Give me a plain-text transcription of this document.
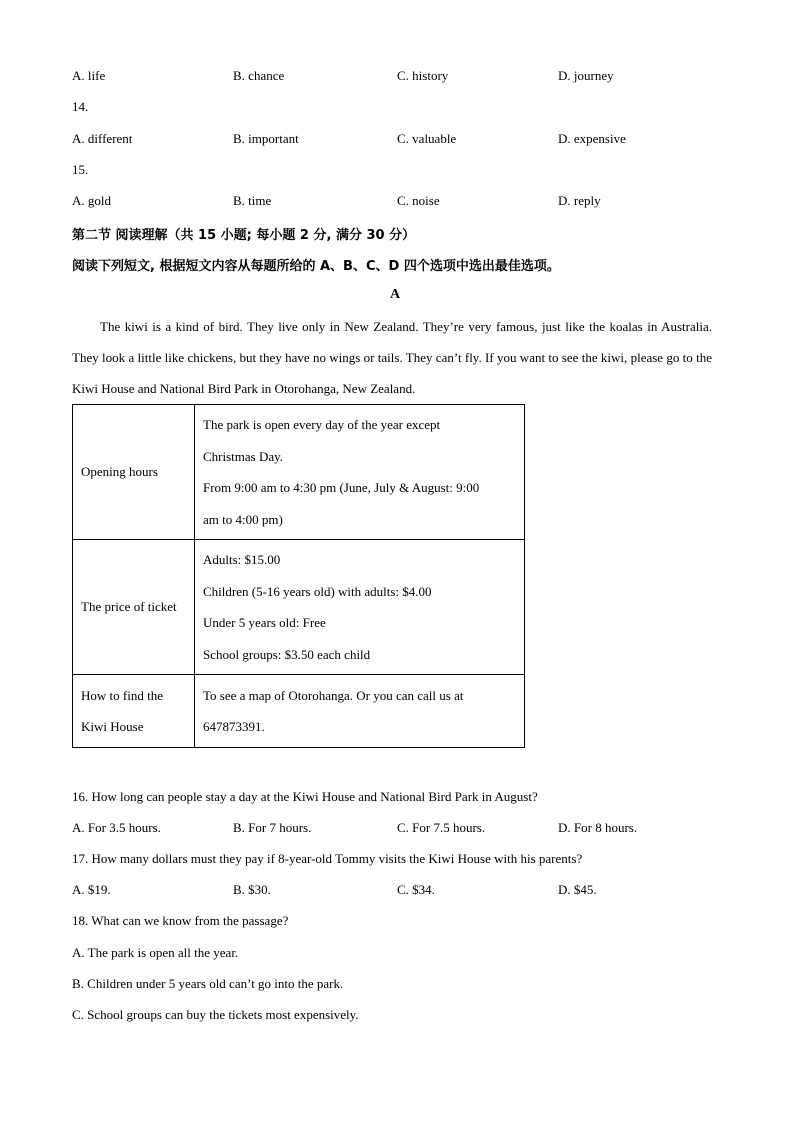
A. life	B. chance	C. history	D. journey
14.
A. different	B. important	C. valuable	D. expensive
15.
A. gold	B. time	C. noise	D. reply
第二节 阅读理解（共 15 小题; 每小题 2 分, 满分 30 分）
阅读下列短文, 根据短文内容从每题所给的 A、B、C、D 四个选项中选出最佳选项。
A
The kiwi is a kind of bird. They live only in New Zealand. They’re very famous, just like the koalas in Australia. They look a little like chickens, but they have no wings or tails. They can’t fly. If you want to see the kiwi, please go to the Kiwi House and National Bird Park in Otorohanga, New Zealand.
Opening hours	The park is open every day of the year except
Christmas Day.
From 9:00 am to 4:30 pm (June, July & August: 9:00
am to 4:00 pm)

The price of ticket	Adults: $15.00
Children (5-16 years old) with adults: $4.00
Under 5 years old: Free
School groups: $3.50 each child

How to find the
Kiwi House	To see a map of Otorohanga. Or you can call us at
647873391.
16. How long can people stay a day at the Kiwi House and National Bird Park in August?
A. For 3.5 hours.	B. For 7 hours.	C. For 7.5 hours.	D. For 8 hours.
17. How many dollars must they pay if 8-year-old Tommy visits the Kiwi House with his parents?
A. $19.	B. $30.	C. $34.	D. $45.
18. What can we know from the passage?
A. The park is open all the year.
B. Children under 5 years old can’t go into the park.
C. School groups can buy the tickets most expensively.
